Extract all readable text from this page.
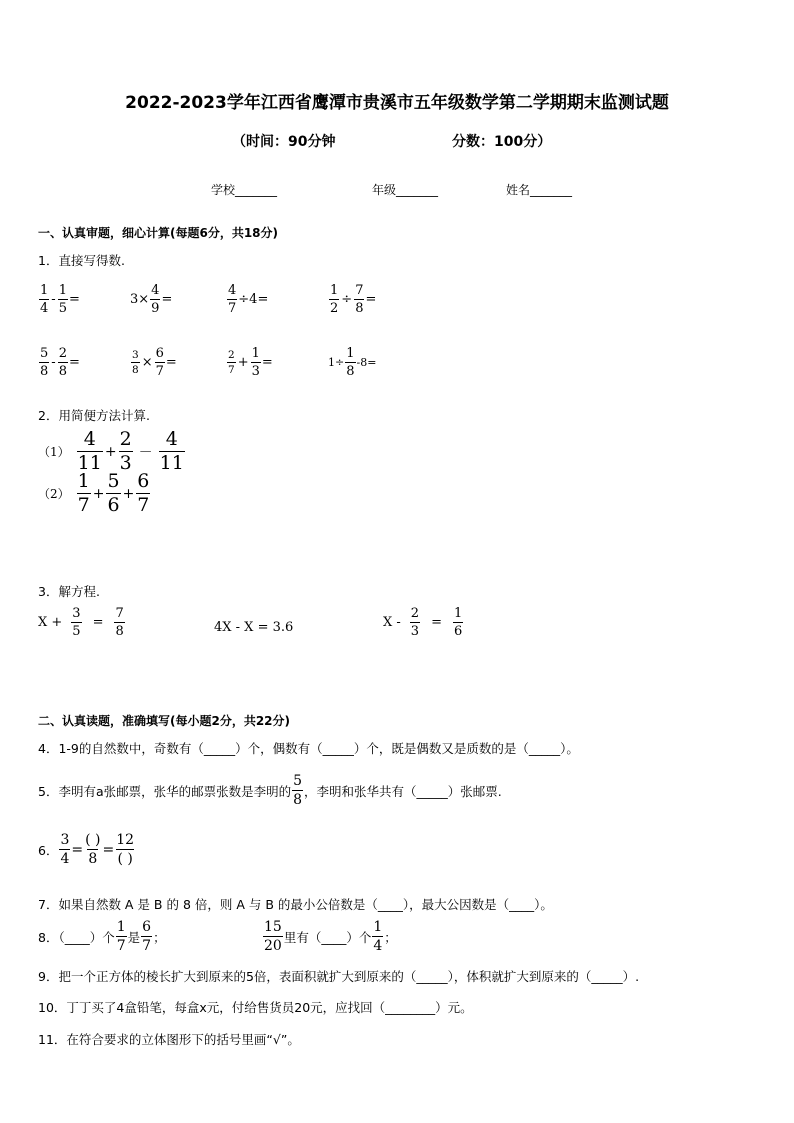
2022-2023学年江西省鹰潭市贵溪市五年级数学第二学期期末监测试题
（时间：90分钟	分数：100分）
学校_______	年级_______	姓名_______
一、认真审题，细心计算(每题6分，共18分)
1．直接写得数.
$\frac{1}{4} - \frac{1}{5}$ =	$3\times \frac{4}{9}$ =	$\frac{4}{7} \div 4=$	$\frac{1}{2} \div \frac{7}{8}$ =
$\frac{5}{8} - \frac{2}{8}$ =	$\frac{3}{8} \times \frac{6}{7}$ =	$\frac{2}{7} + \frac{1}{3}$ =	$1\div \frac{1}{8} -8=$
2．用简便方法计算.
$(1) \frac{4}{11} + \frac{2}{3} - \frac{4}{11}$
$(2) \frac{1}{7} + \frac{5}{6} + \frac{6}{7}$
3．解方程.
$X + \frac{3}{5} = \frac{7}{8}$	4X - X = 3.6	$X - \frac{2}{3} = \frac{1}{6}$
二、认真读题，准确填写(每小题2分，共22分)
4．1-9的自然数中，奇数有（_____）个，偶数有（_____）个，既是偶数又是质数的是（_____）。
5．李明有a张邮票，张华的邮票张数是李明的 $\frac{5}{8}$ ，李明和张华共有（_____）张邮票.
6． $\frac{3}{4} = \frac{( )}{8} = \frac{12}{( )}$
7．如果自然数 A 是 B 的 8 倍，则 A 与 B 的最小公倍数是（____），最大公因数是（____）。
8．（____）个 $\frac{1}{7}$ 是 $\frac{6}{7}$ ；	$\frac{15}{20}$ 里有（____）个 $\frac{1}{4}$ ；
9．把一个正方体的棱长扩大到原来的5倍，表面积就扩大到原来的（_____），体积就扩大到原来的（_____）.
10．丁丁买了4盒铅笔，每盒x元，付给售货员20元，应找回（________）元。
11．在符合要求的立体图形下的括号里画“√”。
